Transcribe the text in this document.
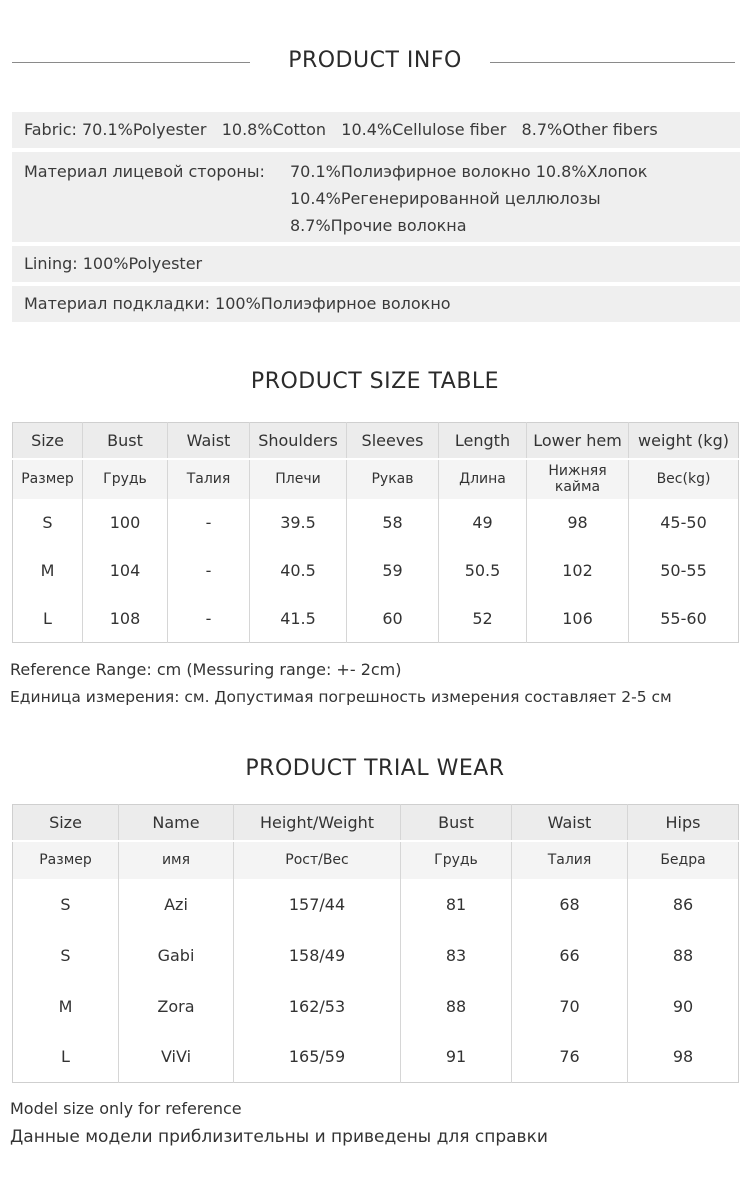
PRODUCT INFO
Fabric: 70.1%Polyester   10.8%Cotton   10.4%Cellulose fiber   8.7%Other fibers
Материал лицевой стороны:	70.1%Полиэфирное волокно 10.8%Хлопок
10.4%Регенерированной целлюлозы
8.7%Прочие волокна
Lining: 100%Polyester
Материал подкладки: 100%Полиэфирное волокно
PRODUCT SIZE TABLE
Size	Bust	Waist	Shoulders	Sleeves	Length	Lower hem	weight (kg)
Размер	Грудь	Талия	Плечи	Рукав	Длина	Нижняя кайма	Вес(kg)
S	100	-	39.5	58	49	98	45-50
M	104	-	40.5	59	50.5	102	50-55
L	108	-	41.5	60	52	106	55-60
Reference Range: cm (Messuring range: +- 2cm)
Единица измерения: см. Допустимая погрешность измерения составляет 2-5 см
PRODUCT TRIAL WEAR
Size	Name	Height/Weight	Bust	Waist	Hips
Размер	имя	Рост/Вес	Грудь	Талия	Бедра
S	Azi	157/44	81	68	86
S	Gabi	158/49	83	66	88
M	Zora	162/53	88	70	90
L	ViVi	165/59	91	76	98
Model size only for reference
Данные модели приблизительны и приведены для справки
